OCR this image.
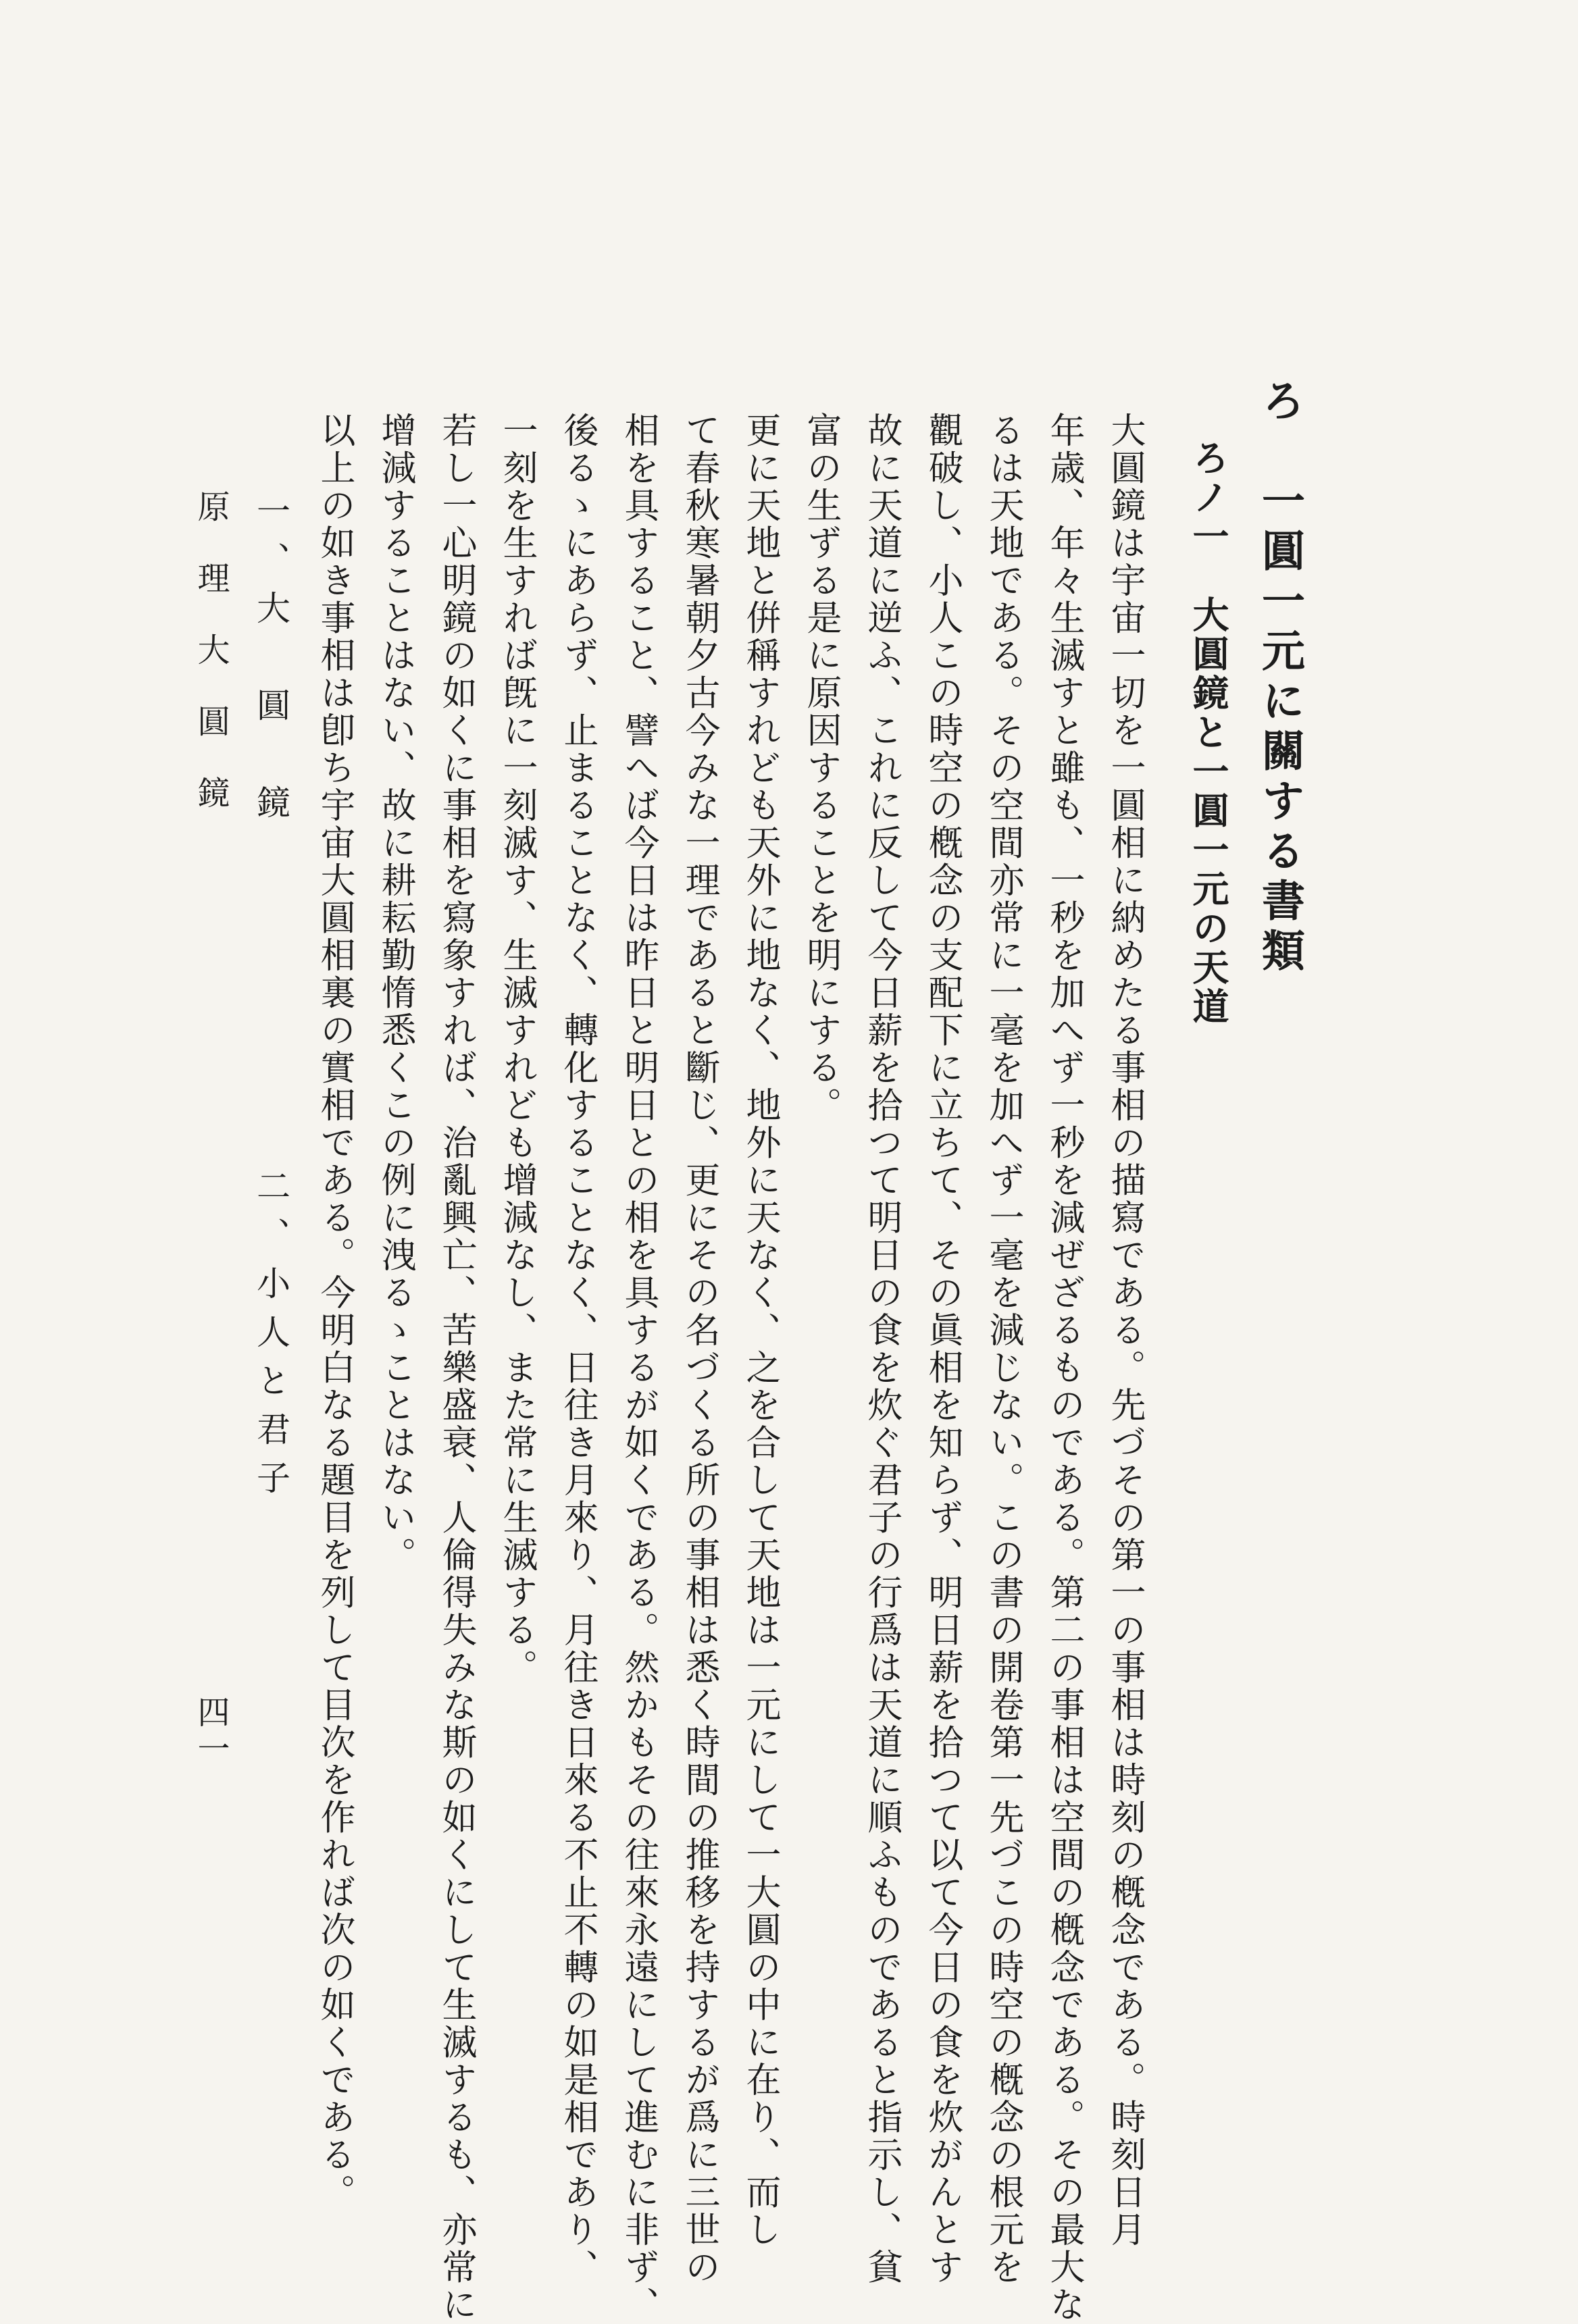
ろ　一圓一元に關する書類
ろノ一　大圓鏡と一圓一元の天道
大圓鏡は宇宙一切を一圓相に納めたる事相の描寫である。先づその第一の事相は時刻の槪念である。時刻日月
年歳、年々生滅すと雖も、一秒を加へず一秒を減ぜざるものである。第二の事相は空間の槪念である。その最大な
るは天地である。その空間亦常に一毫を加へず一毫を減じない。この書の開卷第一先づこの時空の槪念の根元を
觀破し、小人この時空の槪念の支配下に立ちて、その眞相を知らず、明日薪を拾つて以て今日の食を炊がんとす
故に天道に逆ふ、これに反して今日薪を拾つて明日の食を炊ぐ君子の行爲は天道に順ふものであると指示し、貧
富の生ずる是に原因することを明にする。
更に天地と倂稱すれども天外に地なく、地外に天なく、之を合して天地は一元にして一大圓の中に在り、而し
て春秋寒暑朝夕古今みな一理であると斷じ、更にその名づくる所の事相は悉く時間の推移を持するが爲に三世の
相を具すること、譬へば今日は昨日と明日との相を具するが如くである。然かもその往來永遠にして進むに非ず、
後るゝにあらず、止まることなく、轉化することなく、日往き月來り、月往き日來る不止不轉の如是相であり、
一刻を生すれば旣に一刻滅す、生滅すれども增減なし、また常に生滅する。
若し一心明鏡の如くに事相を寫象すれば、治亂興亡、苦樂盛衰、人倫得失みな斯の如くにして生滅するも、亦常に
增減することはない、故に耕耘勤惰悉くこの例に洩るゝことはない。
以上の如き事相は卽ち宇宙大圓相裏の實相である。今明白なる題目を列して目次を作れば次の如くである。
一、大　圓　鏡
二、小人と君子
原理大圓鏡
四一
